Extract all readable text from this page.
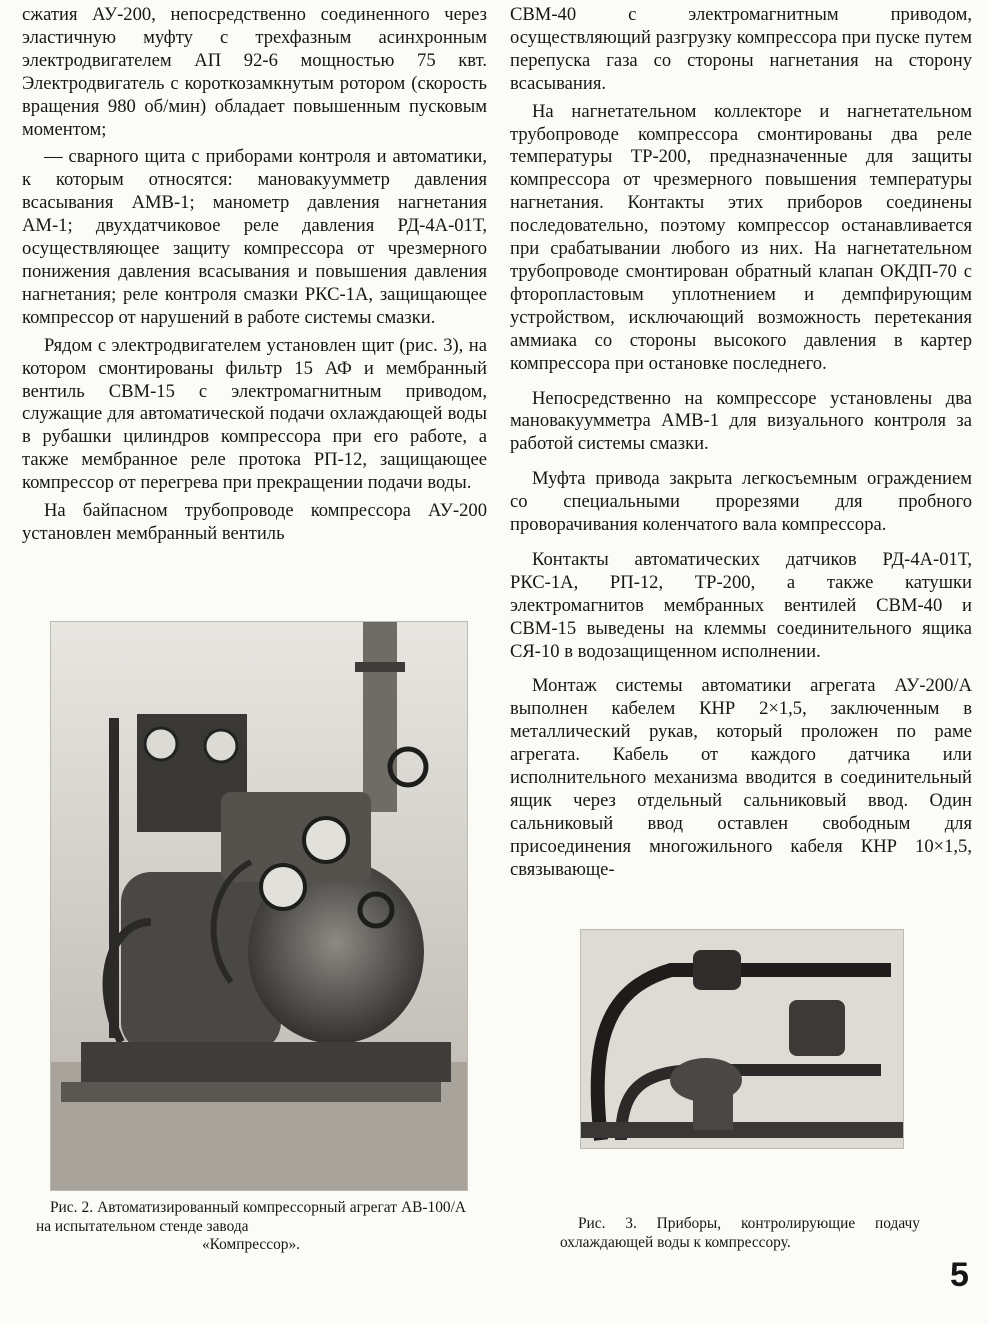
сжатия АУ-200, непосредственно соединенного через эластичную муфту с трехфазным асинхронным электродвигателем АП 92-6 мощностью 75 квт. Электродвигатель с короткозамкнутым ротором (скорость вращения 980 об/мин) обладает повышенным пусковым моментом;

— сварного щита с приборами контроля и автоматики, к которым относятся: мановакуумметр давления всасывания АМВ-1; манометр давления нагнетания АМ-1; двухдатчиковое реле давления РД-4А-01Т, осуществляющее защиту компрессора от чрезмерного понижения давления всасывания и повышения давления нагнетания; реле контроля смазки РКС-1А, защищающее компрессор от нарушений в работе системы смазки.

Рядом с электродвигателем установлен щит (рис. 3), на котором смонтированы фильтр 15 АФ и мембранный вентиль СВМ-15 с электромагнитным приводом, служащие для автоматической подачи охлаждающей воды в рубашки цилиндров компрессора при его работе, а также мембранное реле протока РП-12, защищающее компрессор от перегрева при прекращении подачи воды.

На байпасном трубопроводе компрессора АУ-200 установлен мембранный вентиль

СВМ-40 с электромагнитным приводом, осуществляющий разгрузку компрессора при пуске путем перепуска газа со стороны нагнетания на сторону всасывания.

На нагнетательном коллекторе и нагнетательном трубопроводе компрессора смонтированы два реле температуры ТР-200, предназначенные для защиты компрессора от чрезмерного повышения температуры нагнетания. Контакты этих приборов соединены последовательно, поэтому компрессор останавливается при срабатывании любого из них. На нагнетательном трубопроводе смонтирован обратный клапан ОКДП-70 с фторопластовым уплотнением и демпфирующим устройством, исключающий возможность перетекания аммиака со стороны высокого давления в картер компрессора при остановке последнего.

Непосредственно на компрессоре установлены два мановакуумметра АМВ-1 для визуального контроля за работой системы смазки.

Муфта привода закрыта легкосъемным ограждением со специальными прорезями для пробного проворачивания коленчатого вала компрессора.

Контакты автоматических датчиков РД-4А-01Т, РКС-1А, РП-12, ТР-200, а также катушки электромагнитов мембранных вентилей СВМ-40 и СВМ-15 выведены на клеммы соединительного ящика СЯ-10 в водозащищенном исполнении.

Монтаж системы автоматики агрегата АУ-200/А выполнен кабелем КНР 2×1,5, заключенным в металлический рукав, который проложен по раме агрегата. Кабель от каждого датчика или исполнительного механизма вводится в соединительный ящик через отдельный сальниковый ввод. Один сальниковый ввод оставлен свободным для присоединения многожильного кабеля КНР 10×1,5, связывающе-

Рис. 2. Автоматизированный компрессорный агрегат АВ-100/А на испытательном стенде завода
«Компрессор».
Рис. 3. Приборы, контролирующие подачу охлаждающей воды к компрессору.
5
